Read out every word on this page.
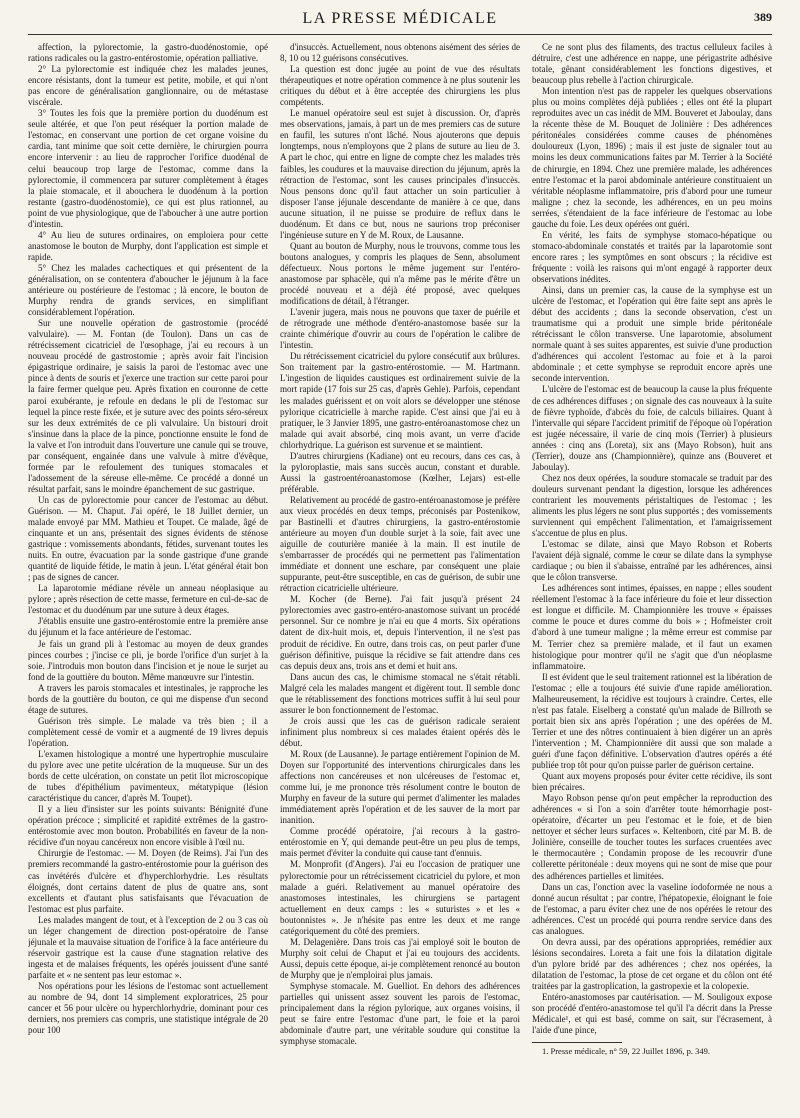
LA PRESSE MÉDICALE	389

affection, la pylorectomie, la gastro-duodénostomie, opé rations radicales ou la gastro-entérostomie, opération palliative.

2° La pylorectomie est indiquée chez les malades jeunes, encore résistants, dont la tumeur est petite, mobile, et qui n'ont pas encore de généralisation ganglionnaire, ou de métastase viscérale.

3° Toutes les fois que la première portion du duodénum est seule altérée, et que l'on peut réséquer la portion malade de l'estomac, en conservant une portion de cet organe voisine du cardia, tant minime que soit cette dernière, le chirurgien pourra encore intervenir : au lieu de rapprocher l'orifice duodénal de celui beaucoup trop large de l'estomac, comme dans la pylorectomie, il commencera par suturer complètement à étages la plaie stomacale, et il abouchera le duodénum à la portion restante (gastro-duodénostomie), ce qui est plus rationnel, au point de vue physiologique, que de l'aboucher à une autre portion d'intestin.

4° Au lieu de sutures ordinaires, on emploiera pour cette anastomose le bouton de Murphy, dont l'application est simple et rapide.

5° Chez les malades cachectiques et qui présentent de la généralisation, on se contentera d'aboucher le jéjunum à la face antérieure ou postérieure de l'estomac ; là encore, le bouton de Murphy rendra de grands services, en simplifiant considérablement l'opération.

Sur une nouvelle opération de gastrostomie (procédé valvulaire). — M. Fontan (de Toulon). Dans un cas de rétrécissement cicatriciel de l'œsophage, j'ai eu recours à un nouveau procédé de gastrostomie ; après avoir fait l'incision épigastrique ordinaire, je saisis la paroi de l'estomac avec une pince à dents de souris et j'exerce une traction sur cette paroi pour la faire fermer quelque peu. Après fixation en couronne de cette paroi exubérante, je refoule en dedans le pli de l'estomac sur lequel la pince reste fixée, et je suture avec des points séro-séreux sur les deux extrémités de ce pli valvulaire. Un bistouri droit s'insinue dans la place de la pince, ponctionne ensuite le fond de la valve et l'on introduit dans l'ouverture une canule qui se trouve, par conséquent, engainée dans une valvule à mitre d'évêque, formée par le refoulement des tuniques stomacales et l'adossement de la séreuse elle-même. Ce procédé a donné un résultat parfait, sans le moindre épanchement de suc gastrique.

Un cas de pylorectomie pour cancer de l'estomac au début. Guérison. — M. Chaput. J'ai opéré, le 18 Juillet dernier, un malade envoyé par MM. Mathieu et Toupet. Ce malade, âgé de cinquante et un ans, présentait des signes évidents de sténose gastrique : vomissements abondants, fétides, survenant toutes les nuits. En outre, évacuation par la sonde gastrique d'une grande quantité de liquide fétide, le matin à jeun. L'état général était bon ; pas de signes de cancer.

La laparotomie médiane révèle un anneau néoplasique au pylore ; après résection de cette masse, fermeture en cul-de-sac de l'estomac et du duodénum par une suture à deux étages.

J'établis ensuite une gastro-entérostomie entre la première anse du jéjunum et la face antérieure de l'estomac.

Je fais un grand pli à l'estomac au moyen de deux grandes pinces courbes ; j'incise ce pli, je borde l'orifice d'un surjet à la soie. J'introduis mon bouton dans l'incision et je noue le surjet au fond de la gouttière du bouton. Même manœuvre sur l'intestin.

A travers les parois stomacales et intestinales, je rapproche les bords de la gouttière du bouton, ce qui me dispense d'un second étage de sutures.

Guérison très simple. Le malade va très bien ; il a complètement cessé de vomir et a augmenté de 19 livres depuis l'opération.

L'examen histologique a montré une hypertrophie musculaire du pylore avec une petite ulcération de la muqueuse. Sur un des bords de cette ulcération, on constate un petit îlot microscopique de tubes d'épithélium pavimenteux, métatypique (lésion caractéristique du cancer, d'après M. Toupet).

Il y a lieu d'insister sur les points suivants: Bénignité d'une opération précoce ; simplicité et rapidité extrêmes de la gastro-entérostomie avec mon bouton. Probabilités en faveur de la non-récidive d'un noyau cancéreux non encore visible à l'œil nu.

Chirurgie de l'estomac. — M. Doyen (de Reims). J'ai l'un des premiers recommandé la gastro-entérostomie pour la guérison des cas invétérés d'ulcère et d'hyperchlorhydrie. Les résultats éloignés, dont certains datent de plus de quatre ans, sont excellents et d'autant plus satisfaisants que l'évacuation de l'estomac est plus parfaite.

Les malades mangent de tout, et à l'exception de 2 ou 3 cas où un léger changement de direction post-opératoire de l'anse jéjunale et la mauvaise situation de l'orifice à la face antérieure du réservoir gastrique est la cause d'une stagnation relative des ingesta et de malaises fréquents, les opérés jouissent d'une santé parfaite et « ne sentent pas leur estomac ».

Nos opérations pour les lésions de l'estomac sont actuellement au nombre de 94, dont 14 simplement exploratrices, 25 pour cancer et 56 pour ulcère ou hyperchlorhydrie, dominant pour ces derniers, nos premiers cas compris, une statistique intégrale de 20 pour 100

d'insuccès. Actuellement, nous obtenons aisément des séries de 8, 10 ou 12 guérisons consécutives.

La question est donc jugée au point de vue des résultats thérapeutiques et notre opération commence à ne plus soutenir les critiques du début et à être acceptée des chirurgiens les plus compétents.

Le manuel opératoire seul est sujet à discussion. Or, d'après mes observations, jamais, à part un de mes premiers cas de suture en faufil, les sutures n'ont lâché. Nous ajouterons que depuis longtemps, nous n'employons que 2 plans de suture au lieu de 3. A part le choc, qui entre en ligne de compte chez les malades très faibles, les coudures et la mauvaise direction du jéjunum, après la rétraction de l'estomac, sont les causes principales d'insuccès. Nous pensons donc qu'il faut attacher un soin particulier à disposer l'anse jéjunale descendante de manière à ce que, dans aucune situation, il ne puisse se produire de reflux dans le duodénum. Et dans ce but, nous ne saurions trop préconiser l'ingénieuse suture en Y de M. Roux, de Lausanne.

Quant au bouton de Murphy, nous le trouvons, comme tous les boutons analogues, y compris les plaques de Senn, absolument défectueux. Nous portons le même jugement sur l'entéro-anastomose par sphacèle, qui n'a même pas le mérite d'être un procédé nouveau et a déjà été proposé, avec quelques modifications de détail, à l'étranger.

L'avenir jugera, mais nous ne pouvons que taxer de puérile et de rétrograde une méthode d'entéro-anastomose basée sur la crainte chimérique d'ouvrir au cours de l'opération le calibre de l'intestin.

Du rétrécissement cicatriciel du pylore consécutif aux brûlures. Son traitement par la gastro-entérostomie. — M. Hartmann. L'ingestion de liquides caustiques est ordinairement suivie de la mort rapide (17 fois sur 25 cas, d'après Gehle). Parfois, cependant les malades guérissent et on voit alors se développer une sténose pylorique cicatricielle à marche rapide. C'est ainsi que j'ai eu à pratiquer, le 3 Janvier 1895, une gastro-entéroanastomose chez un malade qui avait absorbé, cinq mois avant, un verre d'acide chlorhydrique. La guérison est survenue et se maintient.

D'autres chirurgiens (Kadiane) ont eu recours, dans ces cas, à la pyloroplastie, mais sans succès aucun, constant et durable. Aussi la gastroentéroanastomose (Kœlher, Lejars) est-elle préférable.

Relativement au procédé de gastro-entéroanastomose je préfère aux vieux procédés en deux temps, préconisés par Postenikow, par Bastinelli et d'autres chirurgiens, la gastro-entérostomie antérieure au moyen d'un double surjet à la soie, fait avec une aiguille de couturière maniée à la main. Il est inutile de s'embarrasser de procédés qui ne permettent pas l'alimentation immédiate et donnent une eschare, par conséquent une plaie suppurante, peut-être susceptible, en cas de guérison, de subir une rétraction cicatricielle ultérieure.

M. Kocher (de Berne). J'ai fait jusqu'à présent 24 pylorectomies avec gastro-entéro-anastomose suivant un procédé personnel. Sur ce nombre je n'ai eu que 4 morts. Six opérations datent de dix-huit mois, et, depuis l'intervention, il ne s'est pas produit de récidive. En outre, dans trois cas, on peut parler d'une guérison définitive, puisque la récidive se fait attendre dans ces cas depuis deux ans, trois ans et demi et huit ans.

Dans aucun des cas, le chimisme stomacal ne s'était rétabli. Malgré cela les malades mangent et digèrent tout. Il semble donc que le rétablissement des fonctions motrices suffit à lui seul pour assurer le bon fonctionnement de l'estomac.

Je crois aussi que les cas de guérison radicale seraient infiniment plus nombreux si ces malades étaient opérés dès le début.

M. Roux (de Lausanne). Je partage entièrement l'opinion de M. Doyen sur l'opportunité des interventions chirurgicales dans les affections non cancéreuses et non ulcéreuses de l'estomac et, comme lui, je me prononce très résolument contre le bouton de Murphy en faveur de la suture qui permet d'alimenter les malades immédiatement après l'opération et de les sauver de la mort par inanition.

Comme procédé opératoire, j'ai recours à la gastro-entérostomie en Y, qui demande peut-être un peu plus de temps, mais permet d'éviter la conduite qui cause tant d'ennuis.

M. Monprofit (d'Angers). J'ai eu l'occasion de pratiquer une pylorectomie pour un rétrécissement cicatriciel du pylore, et mon malade a guéri. Relativement au manuel opératoire des anastomoses intestinales, les chirurgiens se partagent actuellement en deux camps : les « suturistes » et les « boutonnistes ». Je n'hésite pas entre les deux et me range catégoriquement du côté des premiers.

M. Delagenière. Dans trois cas j'ai employé soit le bouton de Murphy soit celui de Chaput et j'ai eu toujours des accidents. Aussi, depuis cette époque, ai-je complètement renoncé au bouton de Murphy que je n'emploirai plus jamais.

Symphyse stomacale. M. Guelliot. En dehors des adhérences partielles qui unissent assez souvent les parois de l'estomac, principalement dans la région pylorique, aux organes voisins, il peut se faire entre l'estomac d'une part, le foie et la paroi abdominale d'autre part, une véritable soudure qui constitue la symphyse stomacale.

Ce ne sont plus des filaments, des tractus celluleux faciles à détruire, c'est une adhérence en nappe, une périgastrite adhésive totale, gênant considérablement les fonctions digestives, et beaucoup plus rebelle à l'action chirurgicale.

Mon intention n'est pas de rappeler les quelques observations plus ou moins complètes déjà publiées ; elles ont été la plupart reproduites avec un cas inédit de MM. Bouveret et Jaboulay, dans la récente thèse de M. Bouquet de Jolinière : Des adhérences péritonéales considérées comme causes de phénomènes douloureux (Lyon, 1896) ; mais il est juste de signaler tout au moins les deux communications faites par M. Terrier à la Société de chirurgie, en 1894. Chez une première malade, les adhérences entre l'estomac et la paroi abdominale antérieure constituaient un véritable néoplasme inflammatoire, pris d'abord pour une tumeur maligne ; chez la seconde, les adhérences, en un peu moins serrées, s'étendaient de la face inférieure de l'estomac au lobe gauche du foie. Les deux opérées ont guéri.

En vérité, les faits de symphyse stomaco-hépatique ou stomaco-abdominale constatés et traités par la laparotomie sont encore rares ; les symptômes en sont obscurs ; la récidive est fréquente : voilà les raisons qui m'ont engagé à rapporter deux observations inédites.

Ainsi, dans un premier cas, la cause de la symphyse est un ulcère de l'estomac, et l'opération qui être faite sept ans après le début des accidents ; dans la seconde observation, c'est un traumatisme qui a produit une simple bride péritonéale rétrécissant le côlon transverse. Une laparotomie, absolument normale quant à ses suites apparentes, est suivie d'une production d'adhérences qui accolent l'estomac au foie et à la paroi abdominale ; et cette symphyse se reproduit encore après une seconde intervention.

L'ulcère de l'estomac est de beaucoup la cause la plus fréquente de ces adhérences diffuses ; on signale des cas nouveaux à la suite de fièvre typhoïde, d'abcès du foie, de calculs biliaires. Quant à l'intervalle qui sépare l'accident primitif de l'époque où l'opération est jugée nécessaire, il varie de cinq mois (Terrier) à plusieurs années : cinq ans (Loreta), six ans (Mayo Robson), huit ans (Terrier), douze ans (Championnière), quinze ans (Bouveret et Jaboulay).

Chez nos deux opérées, la soudure stomacale se traduit par des douleurs survenant pendant la digestion, lorsque les adhérences contrarient les mouvements péristaltiques de l'estomac ; les aliments les plus légers ne sont plus supportés ; des vomissements surviennent qui empêchent l'alimentation, et l'amaigrissement s'accentue de plus en plus.

L'estomac se dilate, ainsi que Mayo Robson et Roberts l'avaient déjà signalé, comme le cœur se dilate dans la symphyse cardiaque ; ou bien il s'abaisse, entraîné par les adhérences, ainsi que le côlon transverse.

Les adhérences sont intimes, épaisses, en nappe ; elles soudent réellement l'estomac à la face inférieure du foie et leur dissection est longue et difficile. M. Championnière les trouve « épaisses comme le pouce et dures comme du bois » ; Hofmeister croit d'abord à une tumeur maligne ; la même erreur est commise par M. Terrier chez sa première malade, et il faut un examen histologique pour montrer qu'il ne s'agit que d'un néoplasme inflammatoire.

Il est évident que le seul traitement rationnel est la libération de l'estomac ; elle a toujours été suivie d'une rapide amélioration. Malheureusement, la récidive est toujours à craindre. Certes, elle n'est pas fatale. Eiselberg a constaté qu'un malade de Billroth se portait bien six ans après l'opération ; une des opérées de M. Terrier et une des nôtres continuaient à bien digérer un an après l'intervention ; M. Championnière dit aussi que son malade a guéri d'une façon définitive. L'observation d'autres opérés a été publiée trop tôt pour qu'on puisse parler de guérison certaine.

Quant aux moyens proposés pour éviter cette récidive, ils sont bien précaires.

Mayo Robson pense qu'on peut empêcher la reproduction des adhérences « si l'on a soin d'arrêter toute hémorrhagie post-opératoire, d'écarter un peu l'estomac et le foie, et de bien nettoyer et sécher leurs surfaces ». Keltenborn, cité par M. B. de Jolinière, conseille de toucher toutes les surfaces cruentées avec le thermocautère ; Condamin propose de les recouvrir d'une collerette péritonéale : deux moyens qui ne sont de mise que pour des adhérences partielles et limitées.

Dans un cas, l'onction avec la vaseline iodoformée ne nous a donné aucun résultat ; par contre, l'hépatopexie, éloignant le foie de l'estomac, a paru éviter chez une de nos opérées le retour des adhérences. C'est un procédé qui pourra rendre service dans des cas analogues.

On devra aussi, par des opérations appropriées, remédier aux lésions secondaires. Loreta a fait une fois la dilatation digitale d'un pylore bridé par des adhérences ; chez nos opérées, la dilatation de l'estomac, la ptose de cet organe et du côlon ont été traitées par la gastroplication, la gastropexie et la colopexie.

Entéro-anastomoses par cautérisation. — M. Souligoux expose son procédé d'entéro-anastomose tel qu'il l'a décrit dans la Presse Médicale¹, et qui est basé, comme on sait, sur l'écrasement, à l'aide d'une pince,

1. Presse médicale, n° 59, 22 Juillet 1896, p. 349.
